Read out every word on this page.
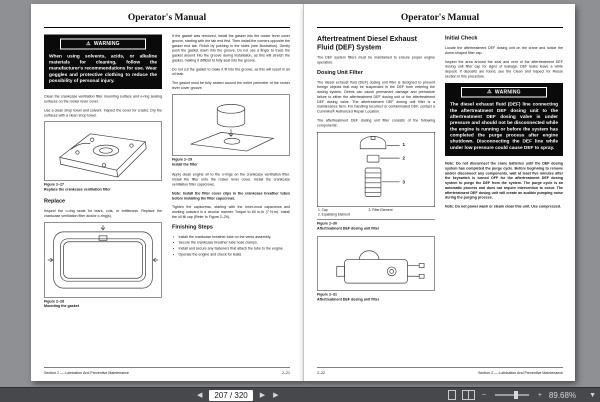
Operator's Manual
⚠ WARNING
When using solvents, acids, or alkaline materials for cleaning, follow the manufacturer's recommendations for use. Wear goggles and protective clothing to reduce the possibility of personal injury.

Clean the crankcase ventilation filter mounting surface and o-ring sealing surfaces on the rocker lever cover.

Use a clean shop towel and solvent. Inspect the cover for cracks. Dry the surfaces with a clean shop towel.

Figure 2–27
Replace the crankcase ventilation filter
Replace

Inspect the o-ring seals for tears, cuts, or brittleness. Replace the crankcase ventilation filter and/or o-ring(s).

Figure 2–28
Mounting the gasket

If the gasket was removed, install the gasket into the rocker lever cover groove, starting with the tab end first. Then install the corners opposite the gasket end tab. Finish by pushing in the sides (see illustration). Gently push the gasket down into the groove. Do not use a finger to trace the gasket around into the groove during installation, as this will stretch the gasket, making it difficult to fully seat into the groove.

Do not cut the gasket to make it fit into the groove, as this will result in an oil leak.

The gasket must be fully seated around the entire perimeter of the rocker lever cover groove.

Figure 2–29
Install the filter

Apply clean engine oil to the o-rings on the crankcase ventilation filter. Install the filter onto the rocker lever cover. Install the crankcase ventilation filter capscrews.

Note: Install the filter cover clips in the crankcase breather tubes before installing the filter capscrews.

Tighten the capscrews, starting with the inner-most capscrews and working outward in a circular manner. Torque to 60 in-lb (7 N·m). Install the oil fill cap (Refer to Figure 2–29).

Finishing Steps
• Install the crankcase breather tube on the vents assembly.
• Secure the crankcase breather tube hose clamps.
• Install and secure any fasteners that attach the tube to the engine.
• Operate the engine and check for leaks.
Section 2 — Lubrication And Preventive Maintenance	2–21
Operator's Manual
Aftertreatment Diesel Exhaust Fluid (DEF) System

The DEF system filters must be maintained to ensure proper engine operation.

Dosing Unit Filter

The diesel exhaust fluid (DEF) dosing unit filter is designed to prevent foreign objects that may be suspended in the DEF from entering the dosing system. Debris can cause permanent damage and premature failure to either the aftertreatment DEF dosing unit or the aftertreatment DEF dosing valve. The aftertreatment DEF dosing unit filter is a maintenance item. For handling incorrect or contaminated DEF, contact a Cummins® Authorized Repair Location.

The aftertreatment DEF dosing unit filter consists of the following components:

1
2
3
1. Cap	3. Filter Element
2. Equalizing Element
Figure 2–30
Aftertreatment DEF dosing unit filter
Figure 2–31
Aftertreatment DEF dosing unit filter
Initial Check

Locate the aftertreatment DEF dosing unit on the crane and notice the dome-shaped filter cap.

Inspect the area around the seal and vent of the aftertreatment DEF dosing unit filter cap for signs of leakage. DEF leaks leave a white deposit. If deposits are found, see the Clean and Inspect for Reuse section in this procedure.

⚠ WARNING
The diesel exhaust fluid (DEF) line connecting the aftertreatment DEF dosing unit to the aftertreatment DEF dosing valve is under pressure and should not be disconnected while the engine is running or before the system has completed the purge process after engine shutdown. Disconnecting the DEF line while under low pressure could cause DEF to spray.

Note: Do not disconnect the crane batteries until the DEF dosing system has completed the purge cycle. Before beginning to remove and/or disconnect any components, wait at least five minutes after the keyswitch is turned OFF for the aftertreatment DEF dosing system to purge the DEF from the system. The purge cycle is an automatic process and does not require intervention to occur. The aftertreatment DEF dosing unit will create an audible pumping noise during the purging process.

Note: Do not power wash or steam clean this unit. Use compressed.

2–22	Section 2 — Lubrication And Preventive Maintenance
◀	207 / 320	▶	▶	−	+ 89.68%	▼
